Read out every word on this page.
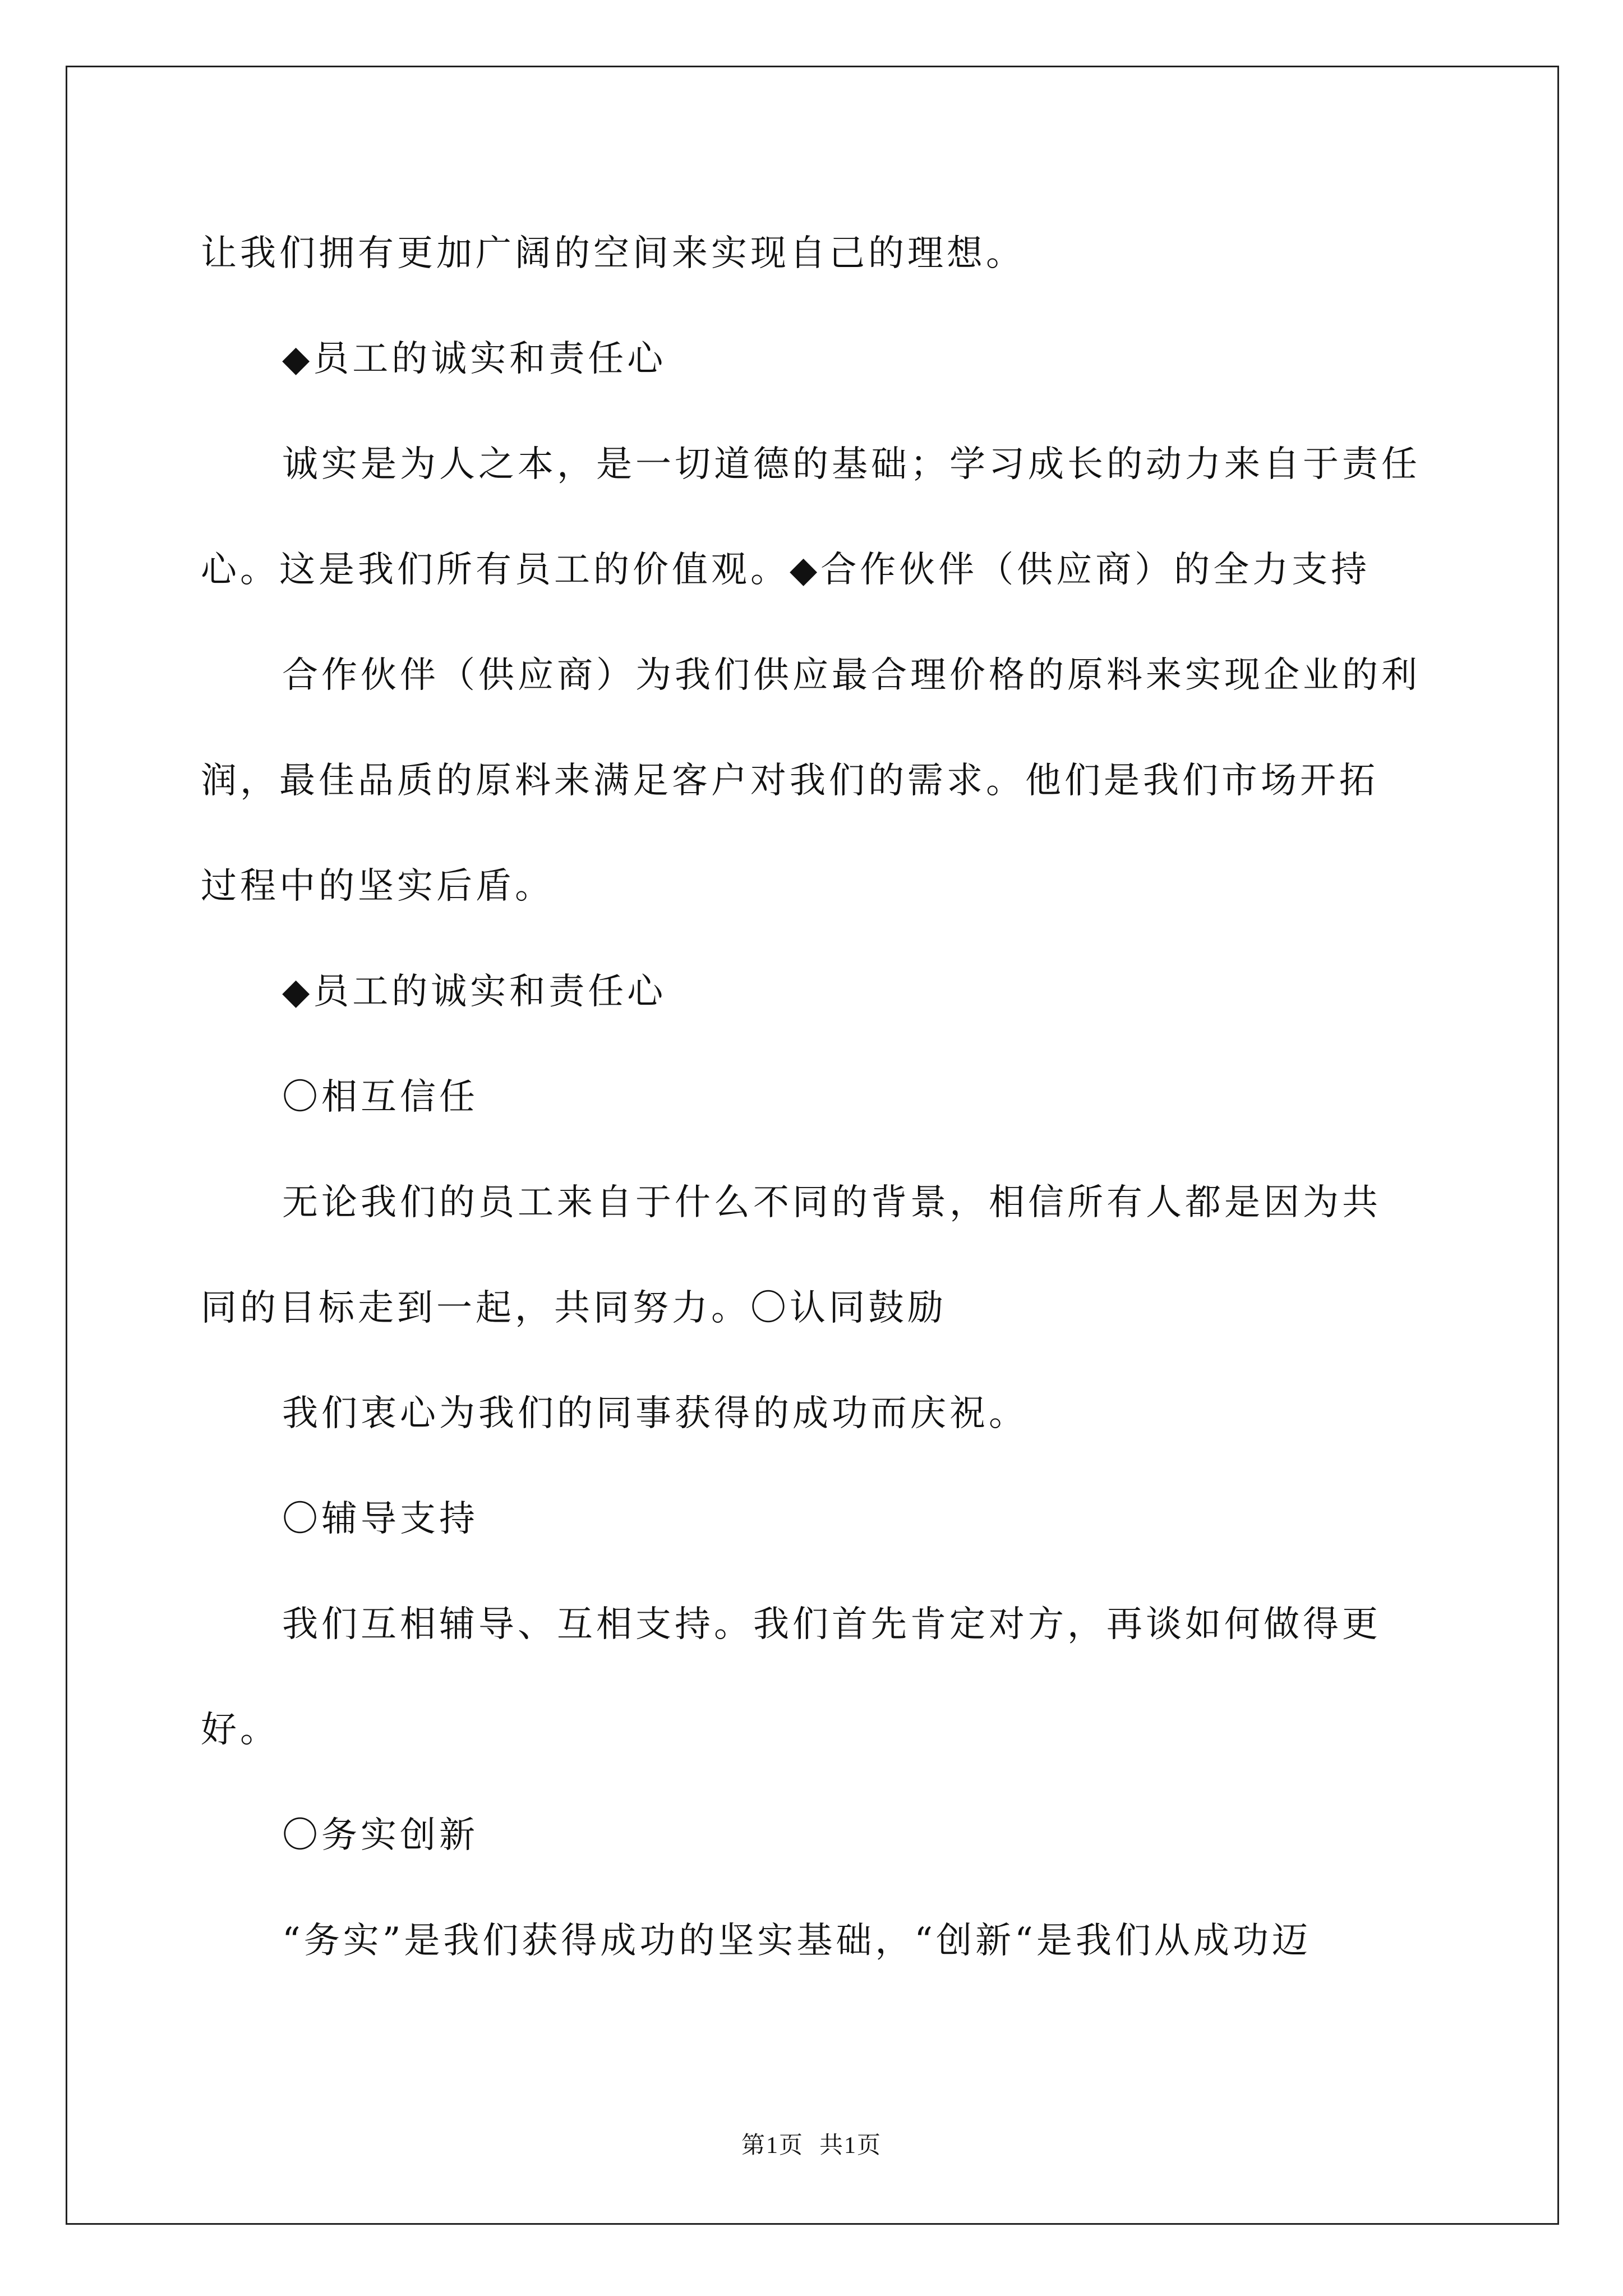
让我们拥有更加广阔的空间来实现自己的理想。
◆员工的诚实和责任心
诚实是为人之本，是一切道德的基础；学习成长的动力来自于责任
心。这是我们所有员工的价值观。◆合作伙伴（供应商）的全力支持
合作伙伴（供应商）为我们供应最合理价格的原料来实现企业的利
润，最佳品质的原料来满足客户对我们的需求。他们是我们市场开拓
过程中的坚实后盾。
◆员工的诚实和责任心
〇相互信任
无论我们的员工来自于什么不同的背景，相信所有人都是因为共
同的目标走到一起，共同努力。〇认同鼓励
我们衷心为我们的同事获得的成功而庆祝。
〇辅导支持
我们互相辅导、互相支持。我们首先肯定对方，再谈如何做得更
好。
〇务实创新
“务实”是我们获得成功的坚实基础，“创新“是我们从成功迈
第1页 共1页
